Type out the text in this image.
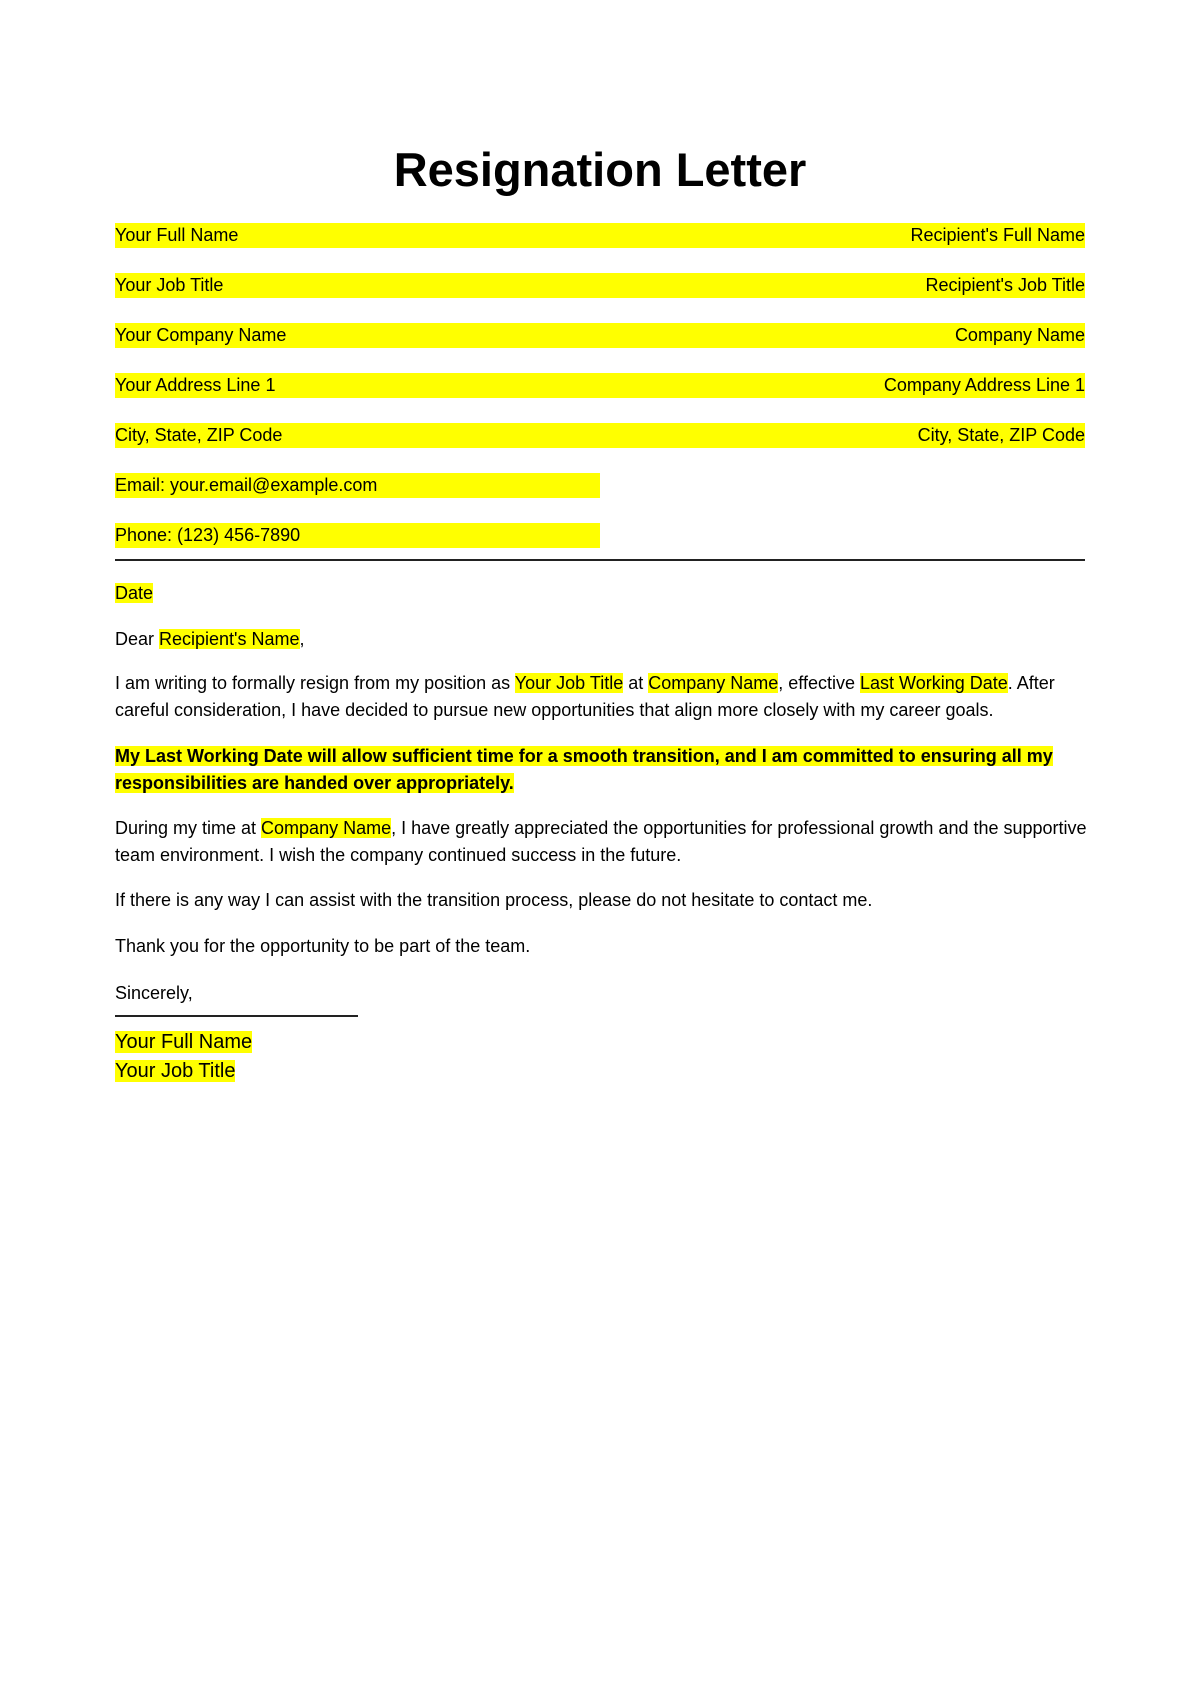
Resignation Letter
Your Full Name	Recipient's Full Name
Your Job Title	Recipient's Job Title
Your Company Name	Company Name
Your Address Line 1	Company Address Line 1
City, State, ZIP Code	City, State, ZIP Code
Email: your.email@example.com
Phone: (123) 456-7890

Date

Dear Recipient's Name,

I am writing to formally resign from my position as Your Job Title at Company Name, effective Last Working Date. After careful consideration, I have decided to pursue new opportunities that align more closely with my career goals.

My Last Working Date will allow sufficient time for a smooth transition, and I am committed to ensuring all my responsibilities are handed over appropriately.

During my time at Company Name, I have greatly appreciated the opportunities for professional growth and the supportive team environment. I wish the company continued success in the future.

If there is any way I can assist with the transition process, please do not hesitate to contact me.

Thank you for the opportunity to be part of the team.

Sincerely,

Your Full Name
Your Job Title
